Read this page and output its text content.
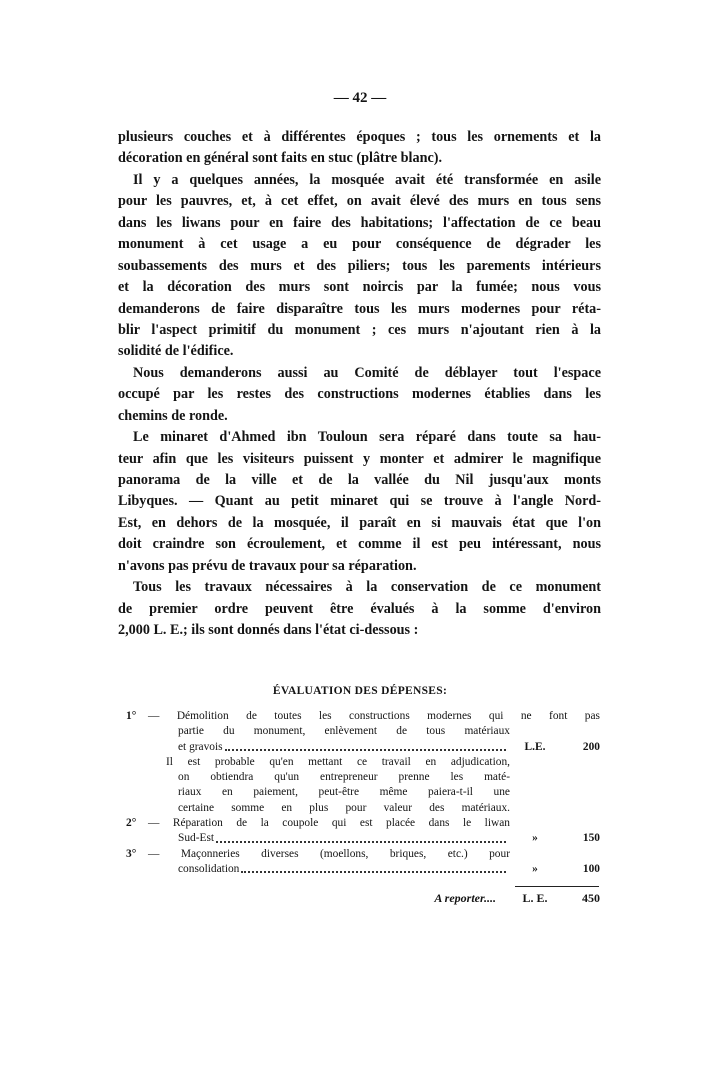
— 42 —
plusieurs couches et à différentes époques ; tous les ornements et la
décoration en général sont faits en stuc (plâtre blanc).
Il y a quelques années, la mosquée avait été transformée en asile
pour les pauvres, et, à cet effet, on avait élevé des murs en tous sens
dans les liwans pour en faire des habitations; l'affectation de ce beau
monument à cet usage a eu pour conséquence de dégrader les
soubassements des murs et des piliers; tous les parements intérieurs
et la décoration des murs sont noircis par la fumée; nous vous
demanderons de faire disparaître tous les murs modernes pour réta-
blir l'aspect primitif du monument ; ces murs n'ajoutant rien à la
solidité de l'édifice.
Nous demanderons aussi au Comité de déblayer tout l'espace
occupé par les restes des constructions modernes établies dans les
chemins de ronde.
Le minaret d'Ahmed ibn Touloun sera réparé dans toute sa hau-
teur afin que les visiteurs puissent y monter et admirer le magnifique
panorama de la ville et de la vallée du Nil jusqu'aux monts
Libyques. — Quant au petit minaret qui se trouve à l'angle Nord-
Est, en dehors de la mosquée, il paraît en si mauvais état que l'on
doit craindre son écroulement, et comme il est peu intéressant, nous
n'avons pas prévu de travaux pour sa réparation.
Tous les travaux nécessaires à la conservation de ce monument
de premier ordre peuvent être évalués à la somme d'environ
2,000 L. E.; ils sont donnés dans l'état ci-dessous :
ÉVALUATION DES DÉPENSES:
1°	— Démolition de toutes les constructions modernes qui ne font pas
partie du monument, enlèvement de tous matériaux
et gravois	L.E.	200
Il est probable qu'en mettant ce travail en adjudication,
on obtiendra qu'un entrepreneur prenne les maté-
riaux en paiement, peut-être même paiera-t-il une
certaine somme en plus pour valeur des matériaux.
2°	— Réparation de la coupole qui est placée dans le liwan
Sud-Est	»	150
3°	— Maçonneries diverses (moellons, briques, etc.) pour
consolidation	»	100
A reporter....	L. E.	450
